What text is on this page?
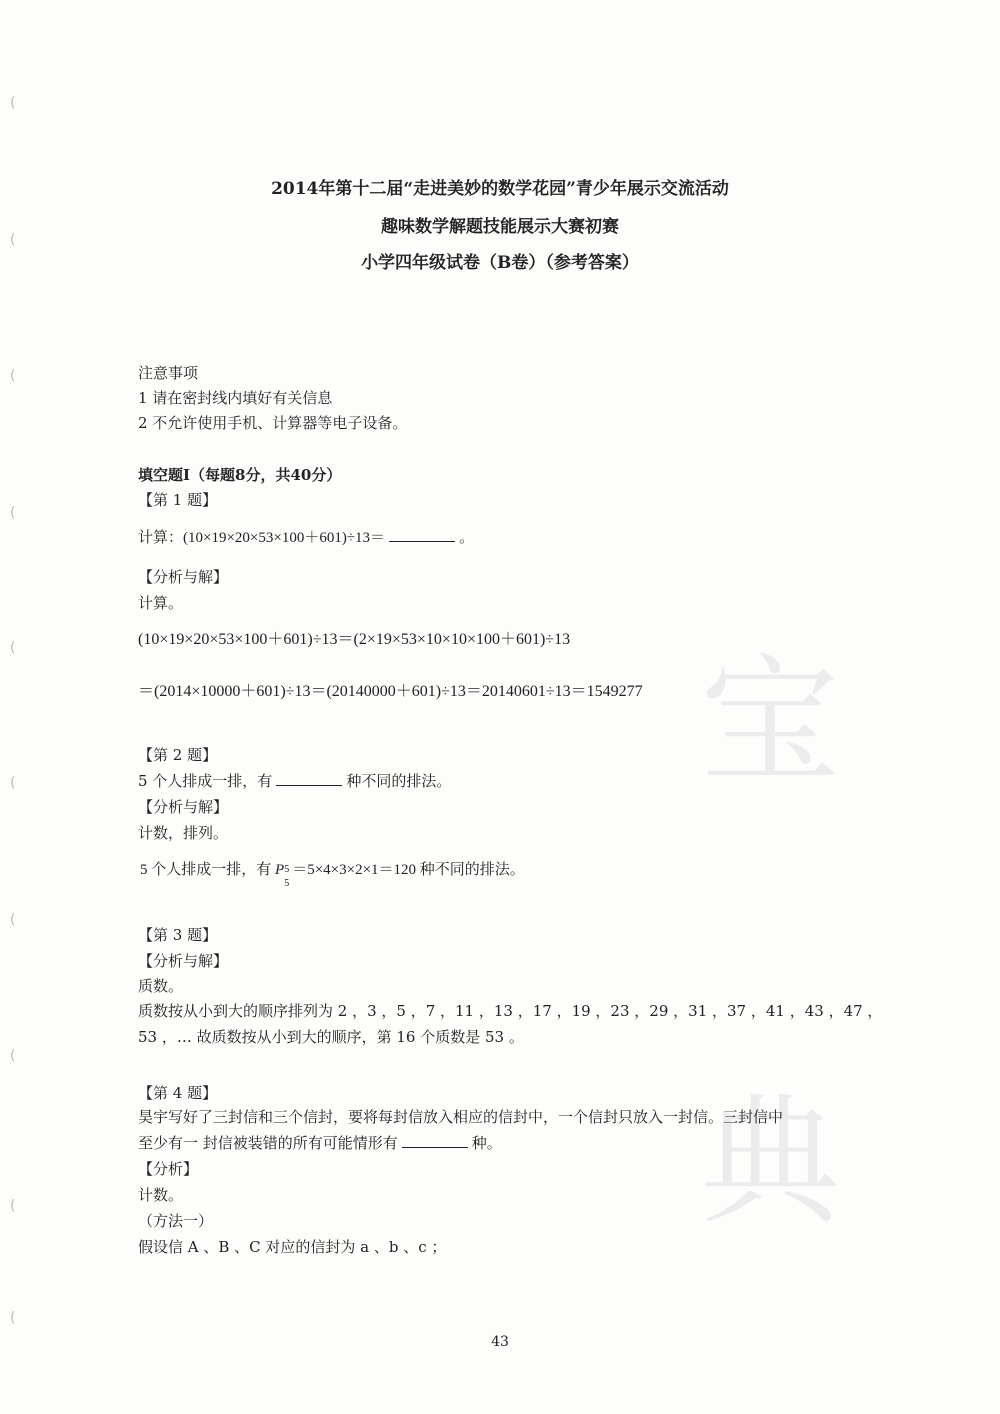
(
(
(
(
(
(
(
(
(
(
宝
典
2014年第十二届“走进美妙的数学花园”青少年展示交流活动
趣味数学解题技能展示大赛初赛
小学四年级试卷（B卷）（参考答案）
注意事项
1 请在密封线内填好有关信息
2 不允许使用手机、计算器等电子设备。
填空题Ⅰ（每题8分，共40分）
【第 1 题】
计算：(10×19×20×53×100＋601)÷13＝	。
【分析与解】
计算。
(10×19×20×53×100＋601)÷13＝(2×19×53×10×10×100＋601)÷13
＝(2014×10000＋601)÷13＝(20140000＋601)÷13＝20140601÷13＝1549277
【第 2 题】
5 个人排成一排，有	种不同的排法。
【分析与解】
计数，排列。
5 个人排成一排，有 P 5
5
＝5×4×3×2×1＝120 种不同的排法。
【第 3 题】
【分析与解】
质数。
质数按从小到大的顺序排列为 2 ，3 ，5 ，7 ，11 ，13 ，17 ，19 ，23 ，29 ，31 ，37 ，41 ，43 ，47 ，
53 ，… 故质数按从小到大的顺序，第 16 个质数是 53 。
【第 4 题】
昊宇写好了三封信和三个信封，要将每封信放入相应的信封中，一个信封只放入一封信。三封信中
至少有一 封信被装错的所有可能情形有	种。
【分析】
计数。
（方法一）
假设信 A 、B 、C 对应的信封为 a 、b 、c ；
43
